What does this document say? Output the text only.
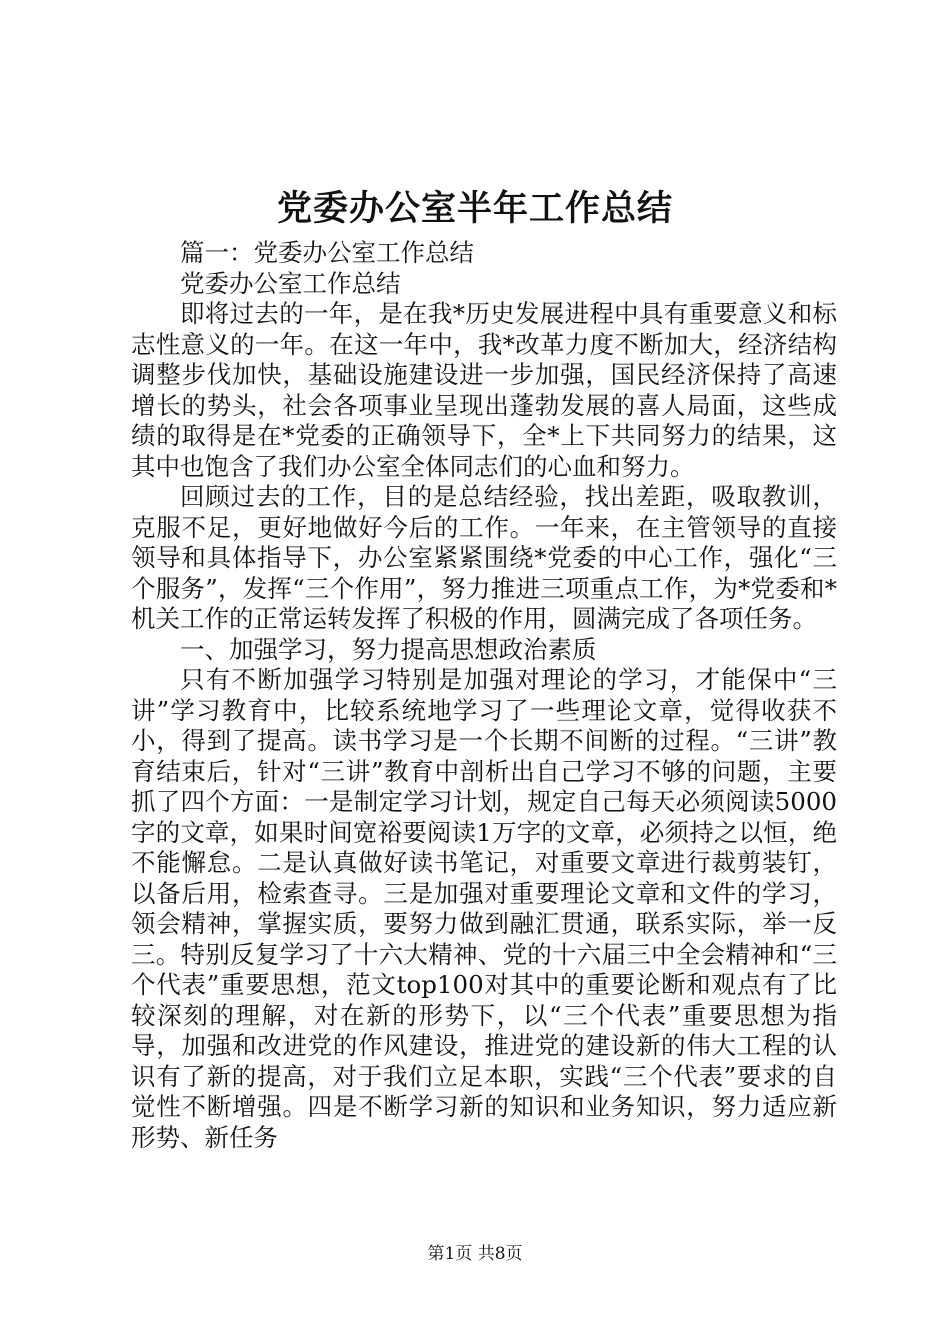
党委办公室半年工作总结

篇一：党委办公室工作总结

党委办公室工作总结

即将过去的一年，是在我*历史发展进程中具有重要意义和标志性意义的一年。在这一年中，我*改革力度不断加大，经济结构调整步伐加快，基础设施建设进一步加强，国民经济保持了高速增长的势头，社会各项事业呈现出蓬勃发展的喜人局面，这些成绩的取得是在*党委的正确领导下，全*上下共同努力的结果，这其中也饱含了我们办公室全体同志们的心血和努力。

回顾过去的工作，目的是总结经验，找出差距，吸取教训，克服不足，更好地做好今后的工作。一年来，在主管领导的直接领导和具体指导下，办公室紧紧围绕*党委的中心工作，强化“三个服务”，发挥“三个作用”，努力推进三项重点工作，为*党委和*机关工作的正常运转发挥了积极的作用，圆满完成了各项任务。

一、加强学习，努力提高思想政治素质

只有不断加强学习特别是加强对理论的学习，才能保中“三讲”学习教育中，比较系统地学习了一些理论文章，觉得收获不小，得到了提高。读书学习是一个长期不间断的过程。“三讲”教育结束后，针对“三讲”教育中剖析出自己学习不够的问题，主要抓了四个方面：一是制定学习计划，规定自己每天必须阅读5000字的文章，如果时间宽裕要阅读1万字的文章，必须持之以恒，绝不能懈怠。二是认真做好读书笔记，对重要文章进行裁剪装钉，以备后用，检索查寻。三是加强对重要理论文章和文件的学习，领会精神，掌握实质，要努力做到融汇贯通，联系实际，举一反三。特别反复学习了十六大精神、党的十六届三中全会精神和“三个代表”重要思想，范文top100对其中的重要论断和观点有了比较深刻的理解，对在新的形势下，以“三个代表”重要思想为指导，加强和改进党的作风建设，推进党的建设新的伟大工程的认识有了新的提高，对于我们立足本职，实践“三个代表”要求的自觉性不断增强。四是不断学习新的知识和业务知识，努力适应新形势、新任务

第1页 共8页
